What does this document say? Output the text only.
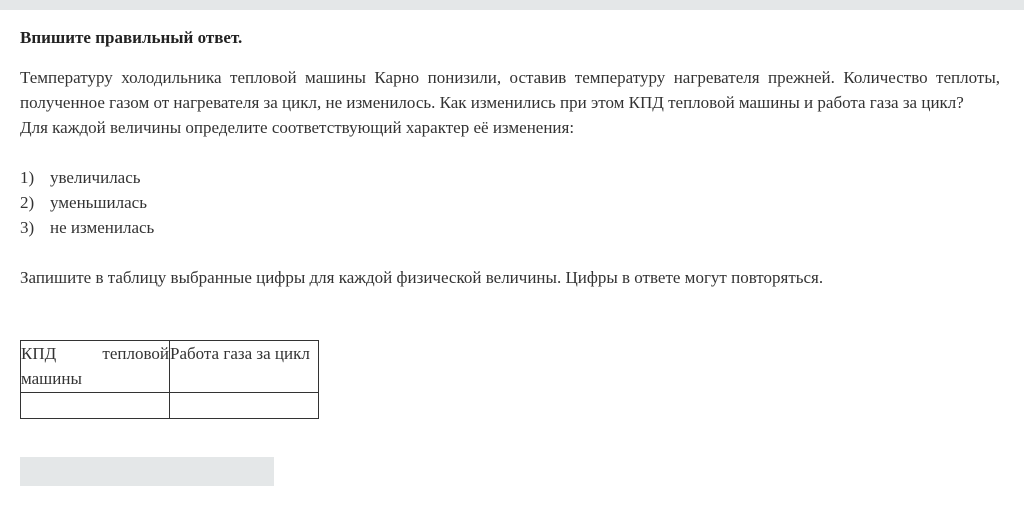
Впишите правильный ответ.

Температуру холодильника тепловой машины Карно понизили, оставив температуру нагревателя прежней. Количество теплоты, полученное газом от нагревателя за цикл, не изменилось. Как изменились при этом КПД тепловой машины и работа газа за цикл?
Для каждой величины определите соответствующий характер её изменения:
1) увеличилась
2) уменьшилась
3) не изменилась
Запишите в таблицу выбранные цифры для каждой физической величины. Цифры в ответе могут повторяться.
КПД тепловой машины	Работа газа за цикл
